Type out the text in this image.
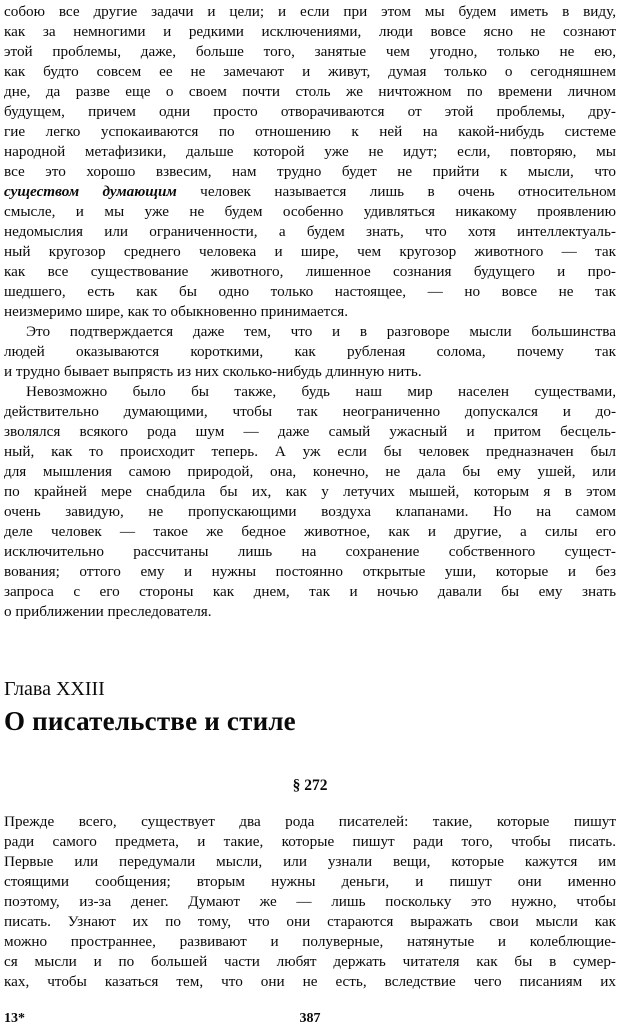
собою все другие задачи и цели; и если при этом мы будем иметь в виду,
как за немногими и редкими исключениями, люди вовсе ясно не сознают
этой проблемы, даже, больше того, занятые чем угодно, только не ею,
как будто совсем ее не замечают и живут, думая только о сегодняшнем
дне, да разве еще о своем почти столь же ничтожном по времени личном
будущем, причем одни просто отворачиваются от этой проблемы, дру-
гие легко успокаиваются по отношению к ней на какой-нибудь системе
народной метафизики, дальше которой уже не идут; если, повторяю, мы
все это хорошо взвесим, нам трудно будет не прийти к мысли, что
существом думающим человек называется лишь в очень относительном
смысле, и мы уже не будем особенно удивляться никакому проявлению
недомыслия или ограниченности, а будем знать, что хотя интеллектуаль-
ный кругозор среднего человека и шире, чем кругозор животного — так
как все существование животного, лишенное сознания будущего и про-
шедшего, есть как бы одно только настоящее, — но вовсе не так
неизмеримо шире, как то обыкновенно принимается.
Это подтверждается даже тем, что и в разговоре мысли большинства
людей оказываются короткими, как рубленая солома, почему так
и трудно бывает выпрясть из них сколько-нибудь длинную нить.
Невозможно было бы также, будь наш мир населен существами,
действительно думающими, чтобы так неограниченно допускался и до-
зволялся всякого рода шум — даже самый ужасный и притом бесцель-
ный, как то происходит теперь. А уж если бы человек предназначен был
для мышления самою природой, она, конечно, не дала бы ему ушей, или
по крайней мере снабдила бы их, как у летучих мышей, которым я в этом
очень завидую, не пропускающими воздуха клапанами. Но на самом
деле человек — такое же бедное животное, как и другие, а силы его
исключительно рассчитаны лишь на сохранение собственного сущест-
вования; оттого ему и нужны постоянно открытые уши, которые и без
запроса с его стороны как днем, так и ночью давали бы ему знать
о приближении преследователя.
Глава XXIII
О писательстве и стиле
§ 272
Прежде всего, существует два рода писателей: такие, которые пишут
ради самого предмета, и такие, которые пишут ради того, чтобы писать.
Первые или передумали мысли, или узнали вещи, которые кажутся им
стоящими сообщения; вторым нужны деньги, и пишут они именно
поэтому, из-за денег. Думают же — лишь поскольку это нужно, чтобы
писать. Узнают их по тому, что они стараются выражать свои мысли как
можно пространнее, развивают и полуверные, натянутые и колеблющие-
ся мысли и по большей части любят держать читателя как бы в сумер-
ках, чтобы казаться тем, что они не есть, вследствие чего писаниям их
13*	387
